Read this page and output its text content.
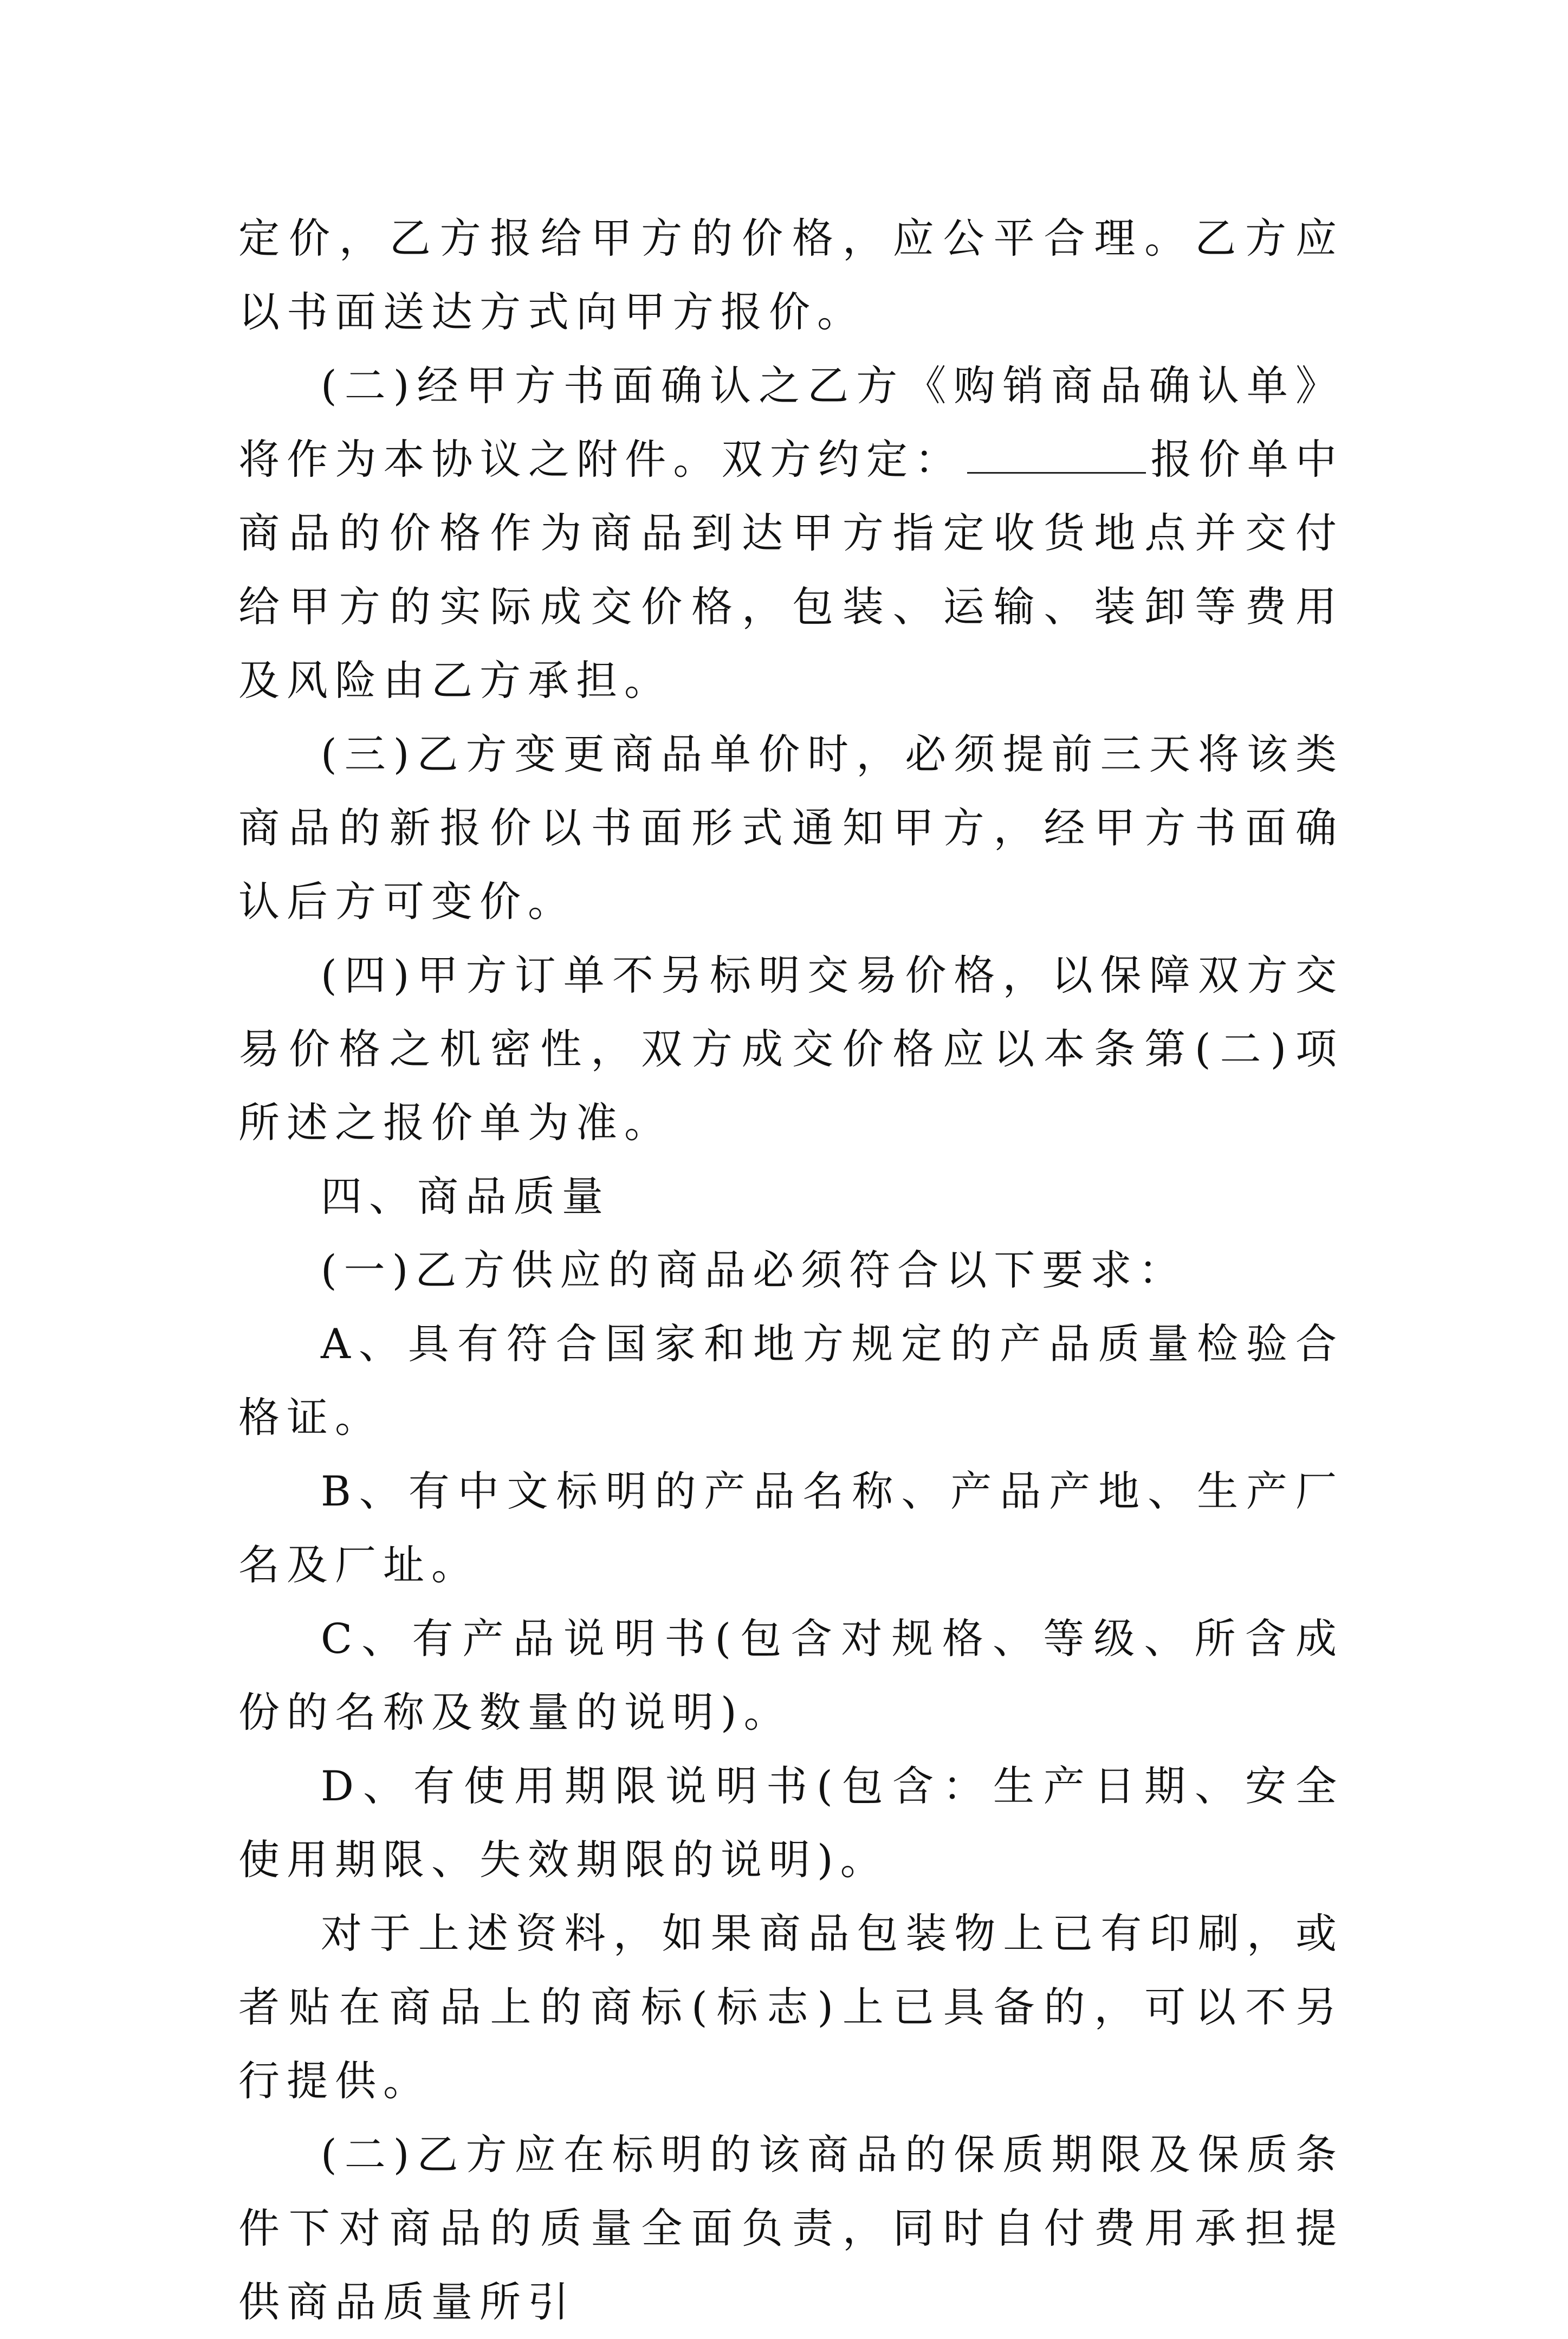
定价，乙方报给甲方的价格，应公平合理。乙方应以书面送达方式向甲方报价。

(二)经甲方书面确认之乙方《购销商品确认单》将作为本协议之附件。双方约定：	报价单中商品的价格作为商品到达甲方指定收货地点并交付给甲方的实际成交价格，包装、运输、装卸等费用及风险由乙方承担。

(三)乙方变更商品单价时，必须提前三天将该类商品的新报价以书面形式通知甲方，经甲方书面确认后方可变价。

(四)甲方订单不另标明交易价格，以保障双方交易价格之机密性，双方成交价格应以本条第(二)项所述之报价单为准。

四、商品质量

(一)乙方供应的商品必须符合以下要求：

A、具有符合国家和地方规定的产品质量检验合格证。

B、有中文标明的产品名称、产品产地、生产厂名及厂址。

C、有产品说明书(包含对规格、等级、所含成份的名称及数量的说明)。

D、有使用期限说明书(包含：生产日期、安全使用期限、失效期限的说明)。

对于上述资料，如果商品包装物上已有印刷，或者贴在商品上的商标(标志)上已具备的，可以不另行提供。

(二)乙方应在标明的该商品的保质期限及保质条件下对商品的质量全面负责，同时自付费用承担提供商品质量所引
